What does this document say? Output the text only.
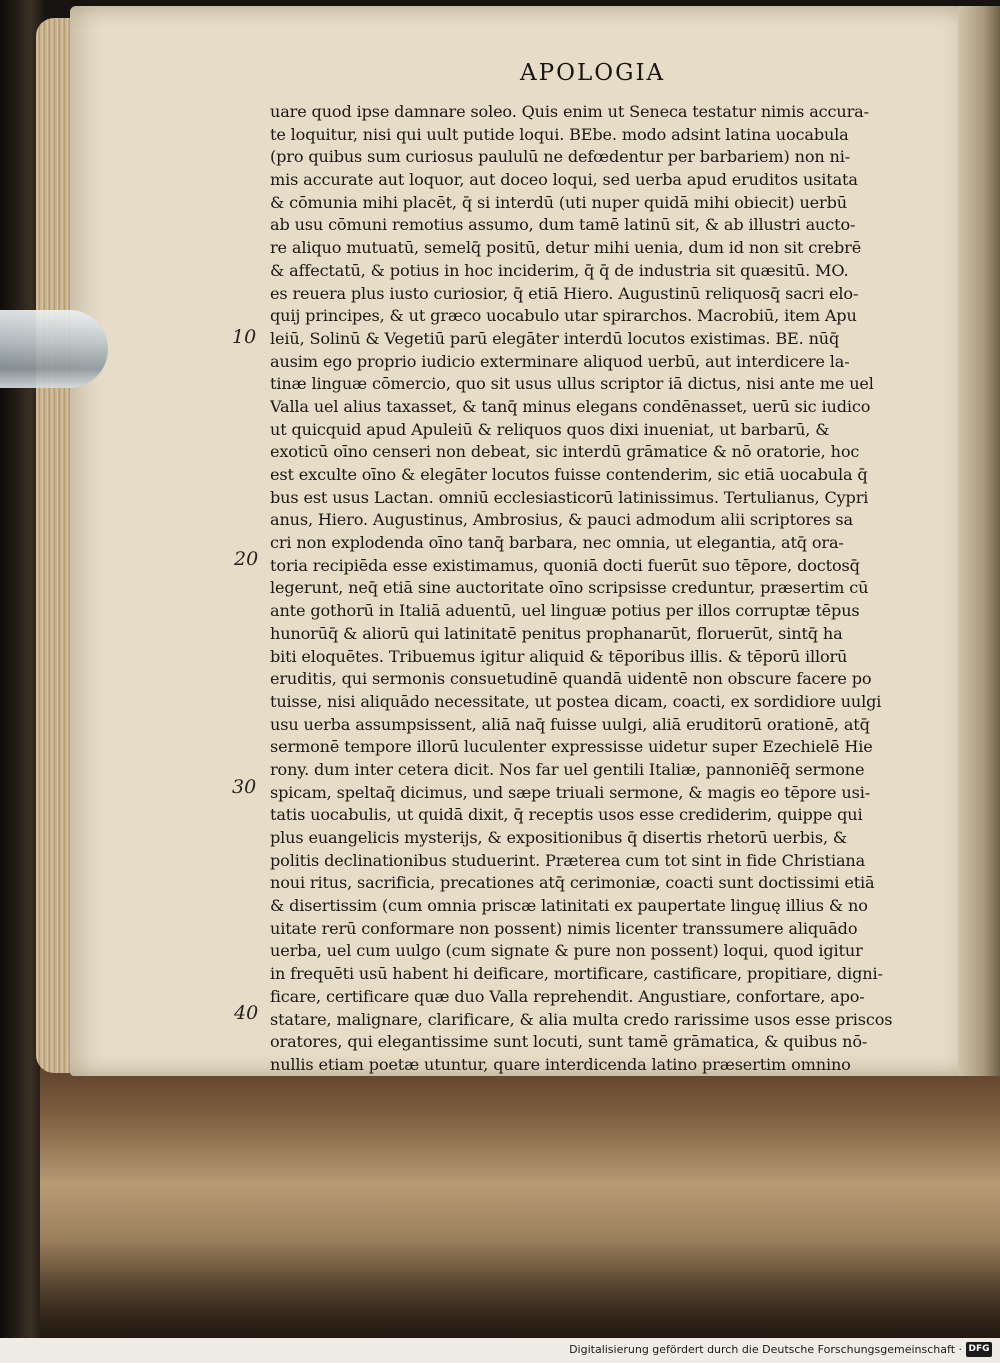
APOLOGIA
10
20
30
40
uare quod ipse damnare soleo. Quis enim ut Seneca testatur nimis accura-
te loquitur, nisi qui uult putide loqui. BEbe. modo adsint latina uocabula
(pro quibus sum curiosus paululū ne defœdentur per barbariem) non ni-
mis accurate aut loquor, aut doceo loqui, sed uerba apud eruditos usitata
& cōmunia mihi placēt, q̄ si interdū (uti nuper quidā mihi obiecit) uerbū
ab usu cōmuni remotius assumo, dum tamē latinū sit, & ab illustri aucto-
re aliquo mutuatū, semelq̄ positū, detur mihi uenia, dum id non sit crebrē
& affectatū, & potius in hoc inciderim, q̄ q̄ de industria sit quæsitū. MO.
es reuera plus iusto curiosior, q̄ etiā Hiero. Augustinū reliquosq̄ sacri elo-
quij principes, & ut græco uocabulo utar spirarchos. Macrobiū, item Apu
leiū, Solinū & Vegetiū parū elegāter interdū locutos existimas. BE. nūq̄
ausim ego proprio iudicio exterminare aliquod uerbū, aut interdicere la-
tinæ linguæ cōmercio, quo sit usus ullus scriptor iā dictus, nisi ante me uel
Valla uel alius taxasset, & tanq̄ minus elegans condēnasset, uerū sic iudico
ut quicquid apud Apuleiū & reliquos quos dixi inueniat, ut barbarū, &
exoticū oīno censeri non debeat, sic interdū grāmatice & nō oratorie, hoc
est exculte oīno & elegāter locutos fuisse contenderim, sic etiā uocabula q̄
bus est usus Lactan. omniū ecclesiasticorū latinissimus. Tertulianus, Cypri
anus, Hiero. Augustinus, Ambrosius, & pauci admodum alii scriptores sa
cri non explodenda oīno tanq̄ barbara, nec omnia, ut elegantia, atq̄ ora-
toria recipiēda esse existimamus, quoniā docti fuerūt suo tēpore, doctosq̄
legerunt, neq̄ etiā sine auctoritate oīno scripsisse creduntur, præsertim cū
ante gothorū in Italiā aduentū, uel linguæ potius per illos corruptæ tēpus
hunorūq̄ & aliorū qui latinitatē penitus prophanarūt, floruerūt, sintq̄ ha
biti eloquētes. Tribuemus igitur aliquid & tēporibus illis. & tēporū illorū
eruditis, qui sermonis consuetudinē quandā uidentē non obscure facere po
tuisse, nisi aliquādo necessitate, ut postea dicam, coacti, ex sordidiore uulgi
usu uerba assumpsissent, aliā naq̄ fuisse uulgi, aliā eruditorū orationē, atq̄
sermonē tempore illorū luculenter expressisse uidetur super Ezechielē Hie
rony. dum inter cetera dicit. Nos far uel gentili Italiæ, pannoniēq̄ sermone
spicam, speltaq̄ dicimus, und sæpe triuali sermone, & magis eo tēpore usi-
tatis uocabulis, ut quidā dixit, q̄ receptis usos esse crediderim, quippe qui
plus euangelicis mysterijs, & expositionibus q̄ disertis rhetorū uerbis, &
politis declinationibus studuerint. Præterea cum tot sint in fide Christiana
noui ritus, sacrificia, precationes atq̄ cerimoniæ, coacti sunt doctissimi etiā
& disertissim (cum omnia priscæ latinitati ex paupertate linguę illius & no
uitate rerū conformare non possent) nimis licenter transsumere aliquādo
uerba, uel cum uulgo (cum signate & pure non possent) loqui, quod igitur
in frequēti usū habent hi deificare, mortificare, castificare, propitiare, digni-
ficare, certificare quæ duo Valla reprehendit. Angustiare, confortare, apo-
statare, malignare, clarificare, & alia multa credo rarissime usos esse priscos
oratores, qui elegantissime sunt locuti, sunt tamē grāmatica, & quibus nō-
nullis etiam poetæ utuntur, quare interdicenda latino præsertim omnino
Digitalisierung gefördert durch die Deutsche Forschungsgemeinschaft · DFG
